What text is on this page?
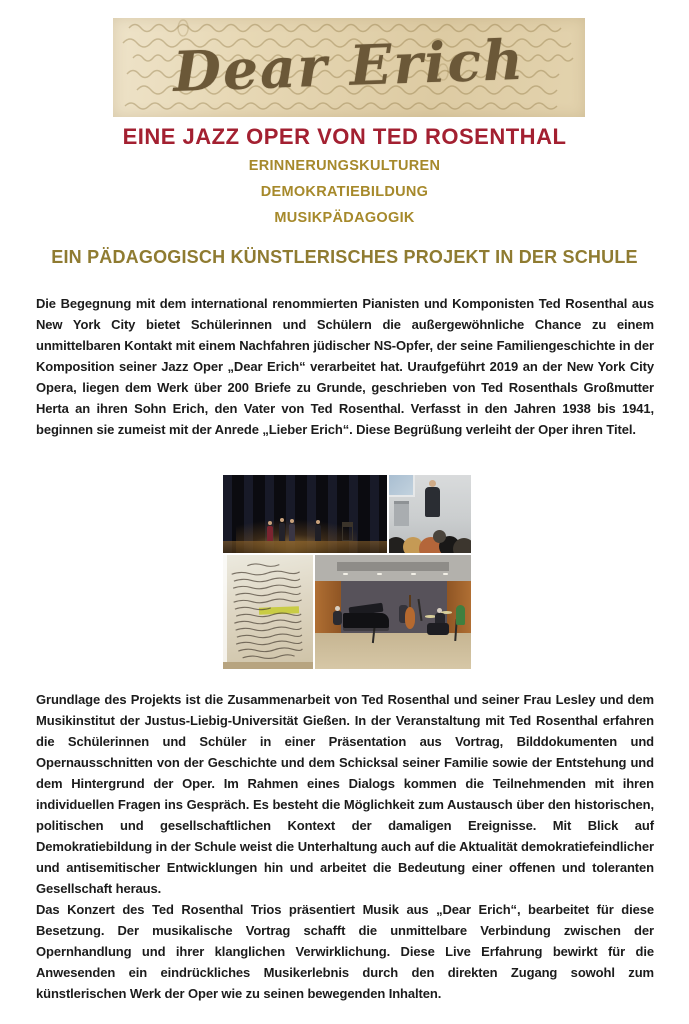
Dear Erich
EINE JAZZ OPER VON TED ROSENTHAL
ERINNERUNGSKULTUREN
DEMOKRATIEBILDUNG
MUSIKPÄDAGOGIK
EIN PÄDAGOGISCH KÜNSTLERISCHES PROJEKT IN DER SCHULE

Die Begegnung mit dem international renommierten Pianisten und Komponisten Ted Rosenthal aus New York City bietet Schülerinnen und Schülern die außergewöhnliche Chance zu einem unmittelbaren Kontakt mit einem Nachfahren jüdischer NS-Opfer, der seine Familiengeschichte in der Komposition seiner Jazz Oper „Dear Erich“ verarbeitet hat. Uraufgeführt 2019 an der New York City Opera, liegen dem Werk über 200 Briefe zu Grunde, geschrieben von Ted Rosenthals Großmutter Herta an ihren Sohn Erich, den Vater von Ted Rosenthal. Verfasst in den Jahren 1938 bis 1941, beginnen sie zumeist mit der Anrede „Lieber Erich“. Diese Begrüßung verleiht der Oper ihren Titel.

Grundlage des Projekts ist die Zusammenarbeit von Ted Rosenthal und seiner Frau Lesley und dem Musikinstitut der Justus-Liebig-Universität Gießen. In der Veranstaltung mit Ted Rosenthal erfahren die Schülerinnen und Schüler in einer Präsentation aus Vortrag, Bilddokumenten und Opernausschnitten von der Geschichte und dem Schicksal seiner Familie sowie der Entstehung und dem Hintergrund der Oper. Im Rahmen eines Dialogs kommen die Teilnehmenden mit ihren individuellen Fragen ins Gespräch. Es besteht die Möglichkeit zum Austausch über den historischen, politischen und gesellschaftlichen Kontext der damaligen Ereignisse. Mit Blick auf Demokratiebildung in der Schule weist die Unterhaltung auch auf die Aktualität demokratiefeindlicher und antisemitischer Entwicklungen hin und arbeitet die Bedeutung einer offenen und toleranten Gesellschaft heraus.

Das Konzert des Ted Rosenthal Trios präsentiert Musik aus „Dear Erich“, bearbeitet für diese Besetzung. Der musikalische Vortrag schafft die unmittelbare Verbindung zwischen der Opernhandlung und ihrer klanglichen Verwirklichung. Diese Live Erfahrung bewirkt für die Anwesenden ein eindrückliches Musikerlebnis durch den direkten Zugang sowohl zum künstlerischen Werk der Oper wie zu seinen bewegenden Inhalten.
